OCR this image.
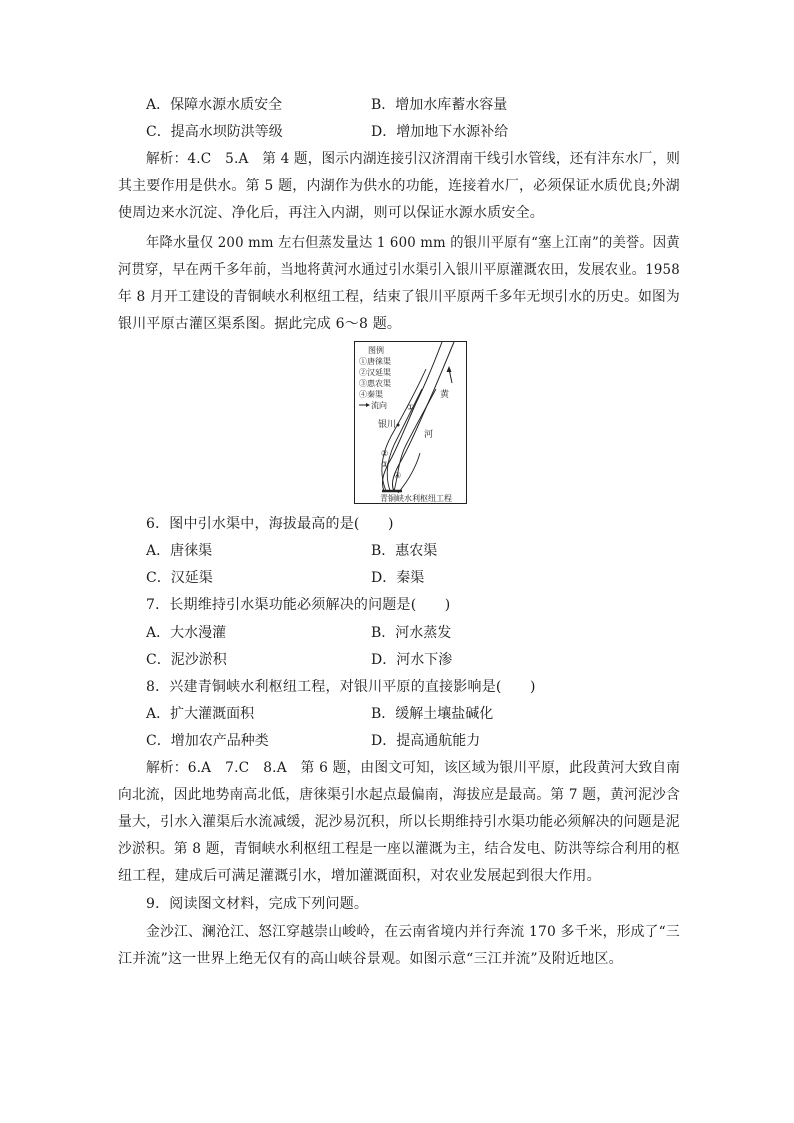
A．保障水源水质安全	B．增加水库蓄水容量
C．提高水坝防洪等级	D．增加地下水源补给
解析：4.C　5.A　第 4 题，图示内湖连接引汉济渭南干线引水管线，还有沣东水厂，则
其主要作用是供水。第 5 题，内湖作为供水的功能，连接着水厂，必须保证水质优良;外湖
使周边来水沉淀、净化后，再注入内湖，则可以保证水源水质安全。
年降水量仅 200 mm 左右但蒸发量达 1 600 mm 的银川平原有“塞上江南”的美誉。因黄
河贯穿，早在两千多年前，当地将黄河水通过引水渠引入银川平原灌溉农田，发展农业。1958
年 8 月开工建设的青铜峡水利枢纽工程，结束了银川平原两千多年无坝引水的历史。如图为
银川平原古灌区渠系图。据此完成 6～8 题。
图例
①唐徕渠
②汉延渠
③惠农渠
④秦渠
流向
黄
河
银川
①
②
③
④
青铜峡水利枢纽工程
6．图中引水渠中，海拔最高的是(　　)
A．唐徕渠	B．惠农渠
C．汉延渠	D．秦渠
7．长期维持引水渠功能必须解决的问题是(　　)
A．大水漫灌	B．河水蒸发
C．泥沙淤积	D．河水下渗
8．兴建青铜峡水利枢纽工程，对银川平原的直接影响是(　　)
A．扩大灌溉面积	B．缓解土壤盐碱化
C．增加农产品种类	D．提高通航能力
解析：6.A　7.C　8.A　第 6 题，由图文可知，该区域为银川平原，此段黄河大致自南
向北流，因此地势南高北低，唐徕渠引水起点最偏南，海拔应是最高。第 7 题，黄河泥沙含
量大，引水入灌渠后水流减缓，泥沙易沉积，所以长期维持引水渠功能必须解决的问题是泥
沙淤积。第 8 题，青铜峡水利枢纽工程是一座以灌溉为主，结合发电、防洪等综合利用的枢
纽工程，建成后可满足灌溉引水，增加灌溉面积，对农业发展起到很大作用。
9．阅读图文材料，完成下列问题。
金沙江、澜沧江、怒江穿越崇山峻岭，在云南省境内并行奔流 170 多千米，形成了“三
江并流”这一世界上绝无仅有的高山峡谷景观。如图示意“三江并流”及附近地区。
